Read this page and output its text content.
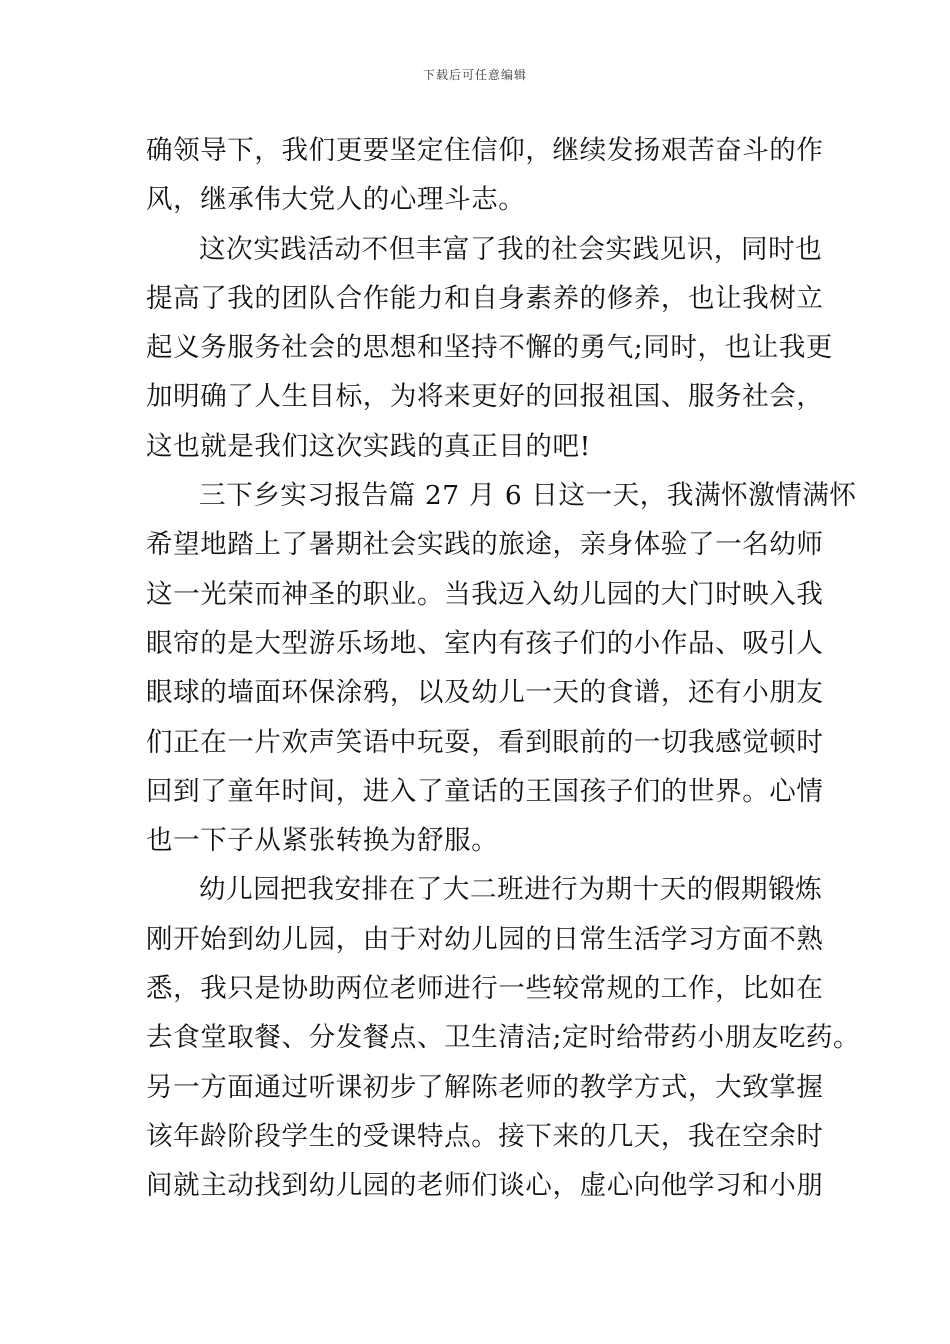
下载后可任意编辑
确领导下，我们更要坚定住信仰，继续发扬艰苦奋斗的作
风，继承伟大党人的心理斗志。
这次实践活动不但丰富了我的社会实践见识，同时也
提高了我的团队合作能力和自身素养的修养，也让我树立
起义务服务社会的思想和坚持不懈的勇气;同时，也让我更
加明确了人生目标，为将来更好的回报祖国、服务社会，
这也就是我们这次实践的真正目的吧!
三下乡实习报告篇 27 月 6 日这一天，我满怀激情满怀
希望地踏上了暑期社会实践的旅途，亲身体验了一名幼师
这一光荣而神圣的职业。当我迈入幼儿园的大门时映入我
眼帘的是大型游乐场地、室内有孩子们的小作品、吸引人
眼球的墙面环保涂鸦，以及幼儿一天的食谱，还有小朋友
们正在一片欢声笑语中玩耍，看到眼前的一切我感觉顿时
回到了童年时间，进入了童话的王国孩子们的世界。心情
也一下子从紧张转换为舒服。
幼儿园把我安排在了大二班进行为期十天的假期锻炼
刚开始到幼儿园，由于对幼儿园的日常生活学习方面不熟
悉，我只是协助两位老师进行一些较常规的工作，比如在
去食堂取餐、分发餐点、卫生清洁;定时给带药小朋友吃药。
另一方面通过听课初步了解陈老师的教学方式，大致掌握
该年龄阶段学生的受课特点。接下来的几天，我在空余时
间就主动找到幼儿园的老师们谈心，虚心向他学习和小朋
